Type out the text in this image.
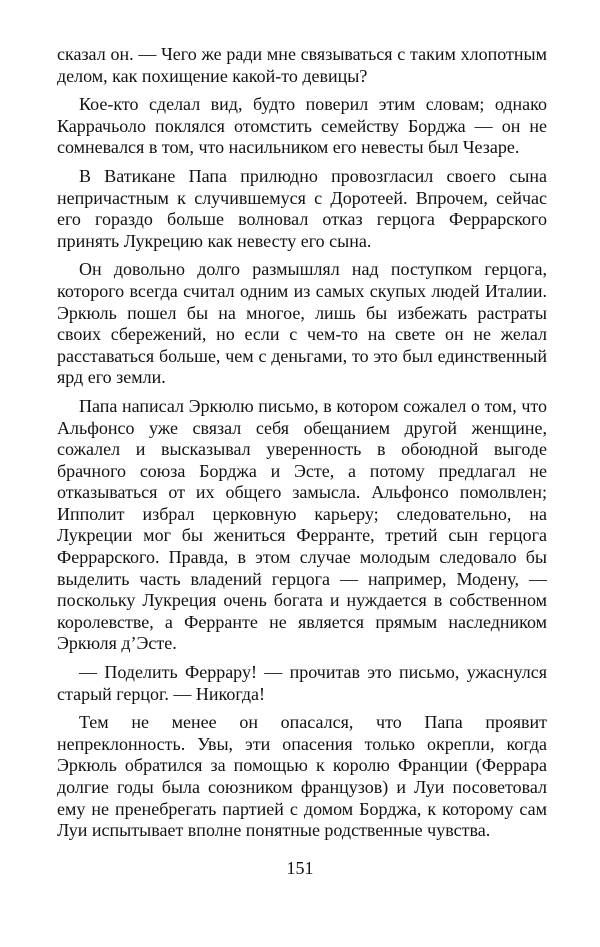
сказал он. — Чего же ради мне связываться с таким хлопотным делом, как похищение какой-то девицы?

Кое-кто сделал вид, будто поверил этим словам; однако Каррачьоло поклялся отомстить семейству Борджа — он не сомневался в том, что насильником его невесты был Чезаре.

В Ватикане Папа прилюдно провозгласил своего сына непричастным к случившемуся с Доротеей. Впрочем, сейчас его гораздо больше волновал отказ герцога Феррарского принять Лукрецию как невесту его сына.

Он довольно долго размышлял над поступком герцога, которого всегда считал одним из самых скупых людей Италии. Эркюль пошел бы на многое, лишь бы избежать растраты своих сбережений, но если с чем-то на свете он не желал расставаться больше, чем с деньгами, то это был единственный ярд его земли.

Папа написал Эркюлю письмо, в котором сожалел о том, что Альфонсо уже связал себя обещанием другой женщине, сожалел и высказывал уверенность в обоюдной выгоде брачного союза Борджа и Эсте, а потому предлагал не отказываться от их общего замысла. Альфонсо помолвлен; Ипполит избрал церковную карьеру; следовательно, на Лукреции мог бы жениться Ферранте, третий сын герцога Феррарского. Правда, в этом случае молодым следовало бы выделить часть владений герцога — например, Модену, — поскольку Лукреция очень богата и нуждается в собственном королевстве, а Ферранте не является прямым наследником Эркюля д’Эсте.

— Поделить Феррару! — прочитав это письмо, ужаснулся старый герцог. — Никогда!

Тем не менее он опасался, что Папа проявит непреклонность. Увы, эти опасения только окрепли, когда Эркюль обратился за помощью к королю Франции (Феррара долгие годы была союзником французов) и Луи посоветовал ему не пренебрегать партией с домом Борджа, к которому сам Луи испытывает вполне понятные родственные чувства.

151
